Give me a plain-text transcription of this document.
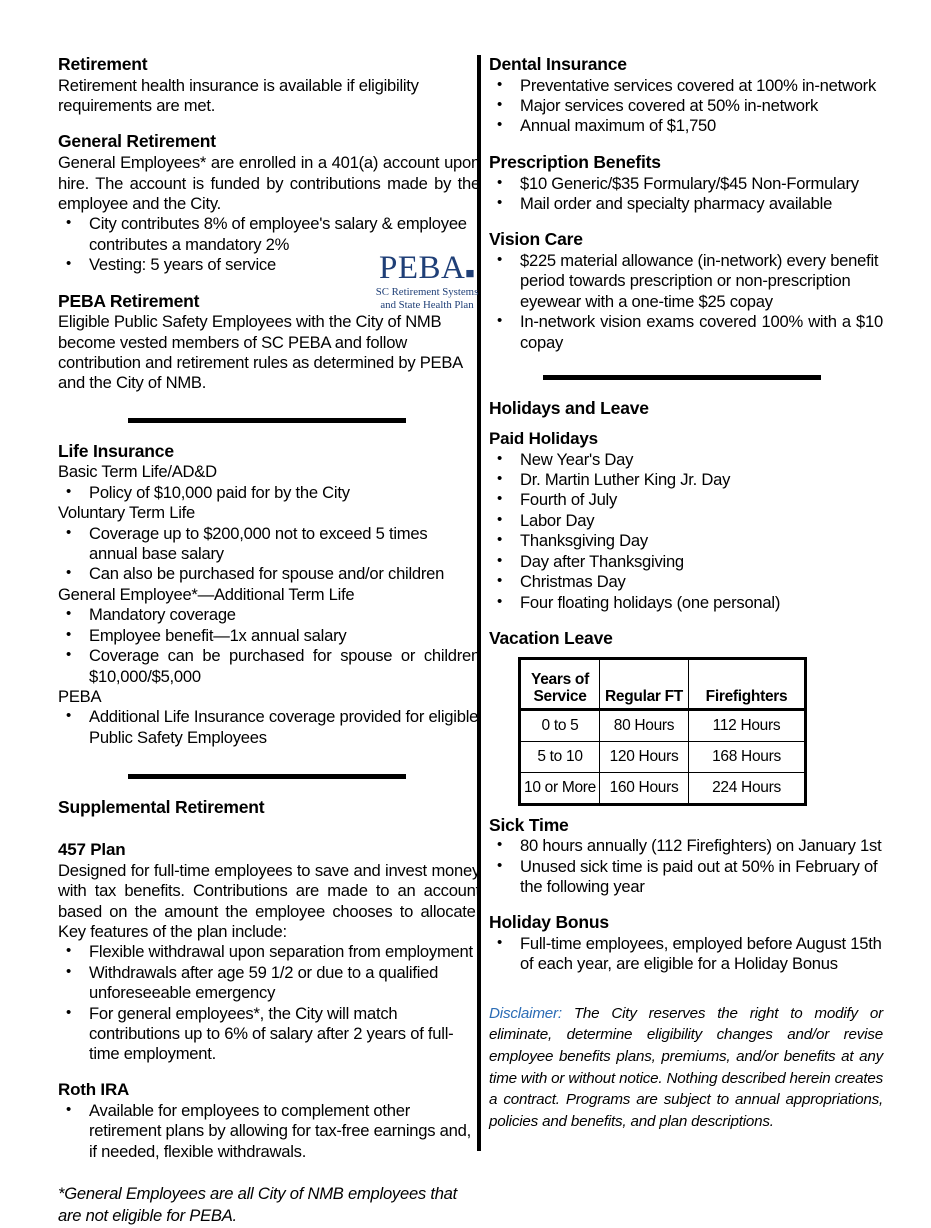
Retirement

Retirement health insurance is available if eligibility requirements are met.

General Retirement

General Employees* are enrolled in a 401(a) account upon hire. The account is funded by contributions made by the employee and the City.

• City contributes 8% of employee's salary & employee contributes a mandatory 2%
• Vesting: 5 years of service
PEBA Retirement

Eligible Public Safety Employees with the City of NMB become vested members of SC PEBA and follow contribution and retirement rules as determined by PEBA and the City of NMB.

Life Insurance

Basic Term Life/AD&D

• Policy of $10,000 paid for by the City

Voluntary Term Life

• Coverage up to $200,000 not to exceed 5 times annual base salary
• Can also be purchased for spouse and/or children

General Employee*—Additional Term Life

• Mandatory coverage
• Employee benefit—1x annual salary
• Coverage can be purchased for spouse or children $10,000/$5,000

PEBA

• Additional Life Insurance coverage provided for eligible Public Safety Employees
Supplemental Retirement
457 Plan

Designed for full-time employees to save and invest money with tax benefits. Contributions are made to an account based on the amount the employee chooses to allocate. Key features of the plan include:

• Flexible withdrawal upon separation from employment
• Withdrawals after age 59 1/2 or due to a qualified unforeseeable emergency
• For general employees*, the City will match contributions up to 6% of salary after 2 years of full-time employment.
Roth IRA
• Available for employees to complement other retirement plans by allowing for tax-free earnings and, if needed, flexible withdrawals.

*General Employees are all City of NMB employees that are not eligible for PEBA.

PEBA■
SC Retirement Systems
and State Health Plan
Dental Insurance
• Preventative services covered at 100% in-network
• Major services covered at 50% in-network
• Annual maximum of $1,750
Prescription Benefits
• $10 Generic/$35 Formulary/$45 Non-Formulary
• Mail order and specialty pharmacy available
Vision Care
• $225 material allowance (in-network) every benefit period towards prescription or non-prescription eyewear with a one-time $25 copay
• In-network vision exams covered 100% with a $10 copay
Holidays and Leave
Paid Holidays
• New Year's Day
• Dr. Martin Luther King Jr. Day
• Fourth of July
• Labor Day
• Thanksgiving Day
• Day after Thanksgiving
• Christmas Day
• Four floating holidays (one personal)
Vacation Leave
Years of Service	Regular FT	Firefighters
0 to 5	80 Hours	112 Hours
5 to 10	120 Hours	168 Hours
10 or More	160 Hours	224 Hours
Sick Time
• 80 hours annually (112 Firefighters) on January 1st
• Unused sick time is paid out at 50% in February of the following year
Holiday Bonus
• Full-time employees, employed before August 15th of each year, are eligible for a Holiday Bonus

Disclaimer: The City reserves the right to modify or eliminate, determine eligibility changes and/or revise employee benefits plans, premiums, and/or benefits at any time with or without notice. Nothing described herein creates a contract. Programs are subject to annual appropriations, policies and benefits, and plan descriptions.
